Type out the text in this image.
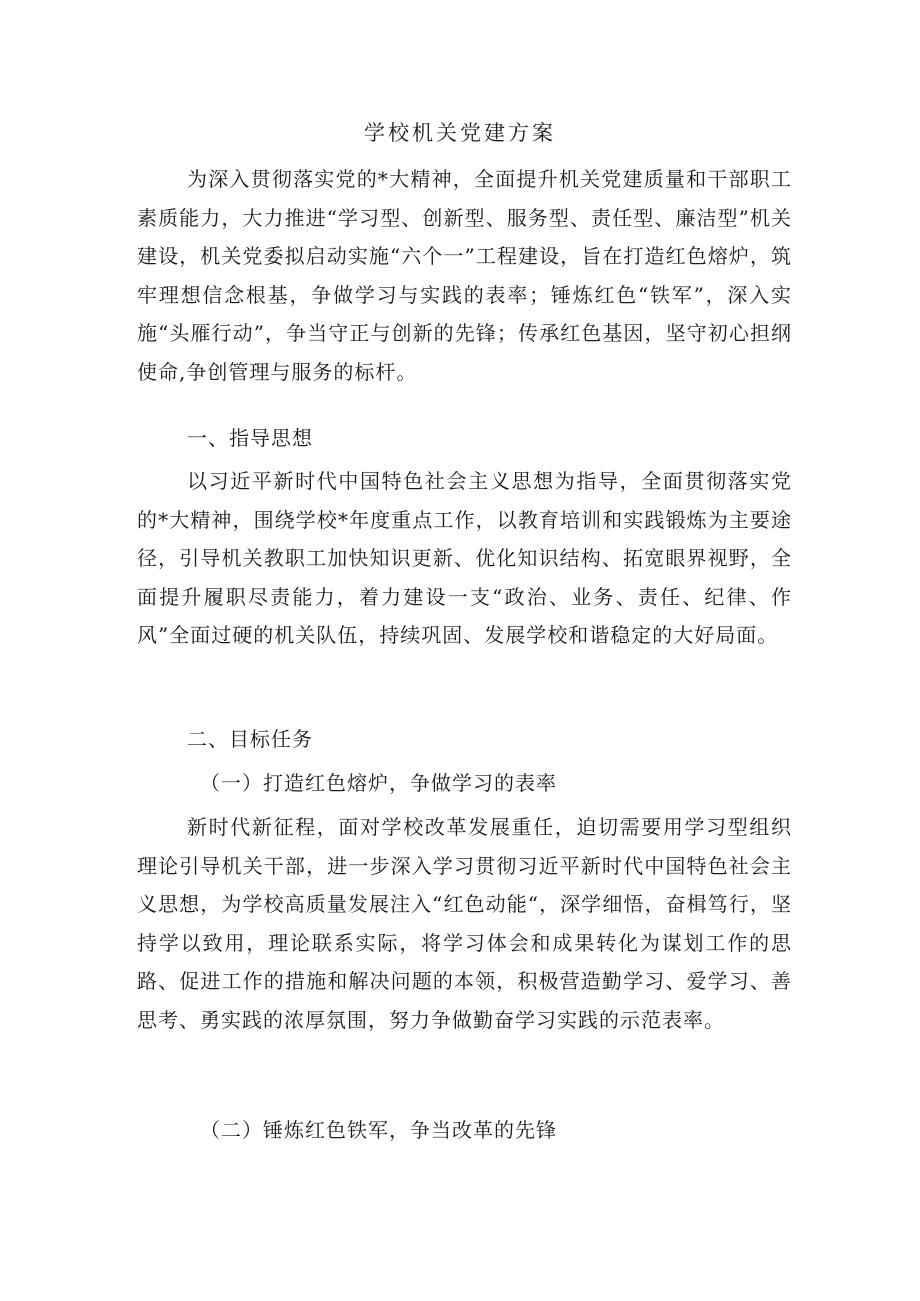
学校机关党建方案
为深入贯彻落实党的*大精神，全面提升机关党建质量和干部职工素质能力，大力推进“学习型、创新型、服务型、责任型、廉洁型”机关建设，机关党委拟启动实施“六个一”工程建设，旨在打造红色熔炉，筑牢理想信念根基，争做学习与实践的表率；锤炼红色“铁军”，深入实施“头雁行动”，争当守正与创新的先锋；传承红色基因，坚守初心担纲使命,争创管理与服务的标杆。
一、指导思想
以习近平新时代中国特色社会主义思想为指导，全面贯彻落实党的*大精神，围绕学校*年度重点工作，以教育培训和实践锻炼为主要途径，引导机关教职工加快知识更新、优化知识结构、拓宽眼界视野，全面提升履职尽责能力，着力建设一支“政治、业务、责任、纪律、作风”全面过硬的机关队伍，持续巩固、发展学校和谐稳定的大好局面。
二、目标任务
（一）打造红色熔炉，争做学习的表率
新时代新征程，面对学校改革发展重任，迫切需要用学习型组织理论引导机关干部，进一步深入学习贯彻习近平新时代中国特色社会主义思想，为学校高质量发展注入“红色动能“，深学细悟，奋楫笃行，坚持学以致用，理论联系实际，将学习体会和成果转化为谋划工作的思路、促进工作的措施和解决问题的本领，积极营造勤学习、爱学习、善思考、勇实践的浓厚氛围，努力争做勤奋学习实践的示范表率。
（二）锤炼红色铁军，争当改革的先锋
